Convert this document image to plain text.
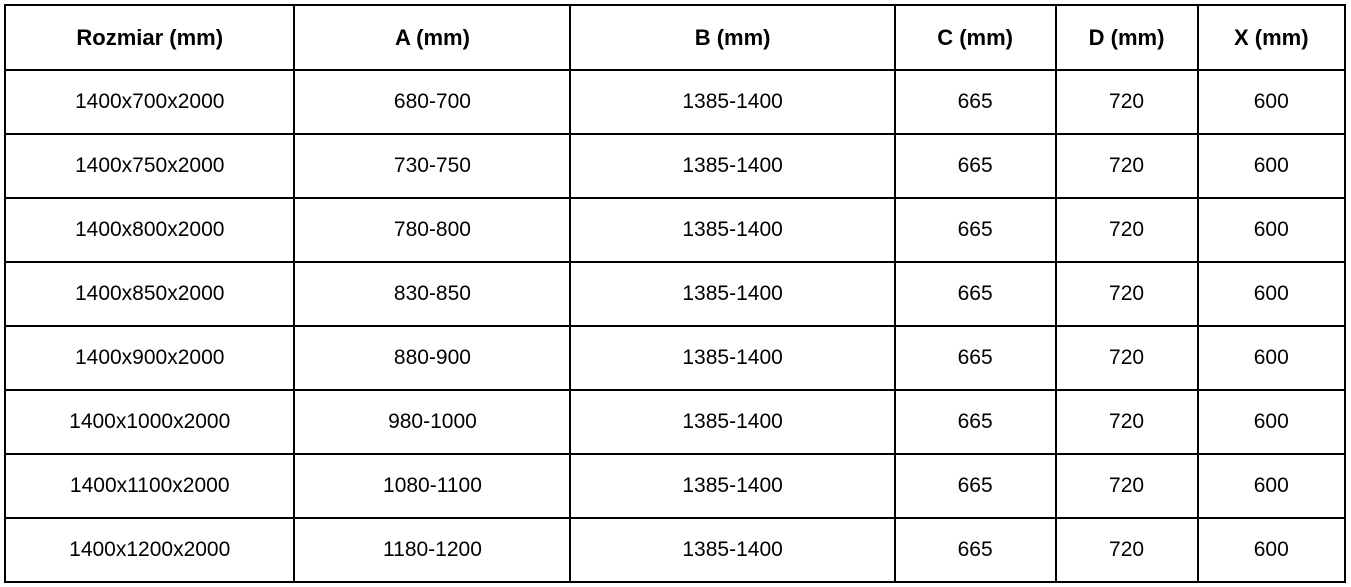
Rozmiar (mm)	A (mm)	B (mm)	C (mm)	D (mm)	X (mm)
1400x700x2000	680-700	1385-1400	665	720	600
1400x750x2000	730-750	1385-1400	665	720	600
1400x800x2000	780-800	1385-1400	665	720	600
1400x850x2000	830-850	1385-1400	665	720	600
1400x900x2000	880-900	1385-1400	665	720	600
1400x1000x2000	980-1000	1385-1400	665	720	600
1400x1100x2000	1080-1100	1385-1400	665	720	600
1400x1200x2000	1180-1200	1385-1400	665	720	600
